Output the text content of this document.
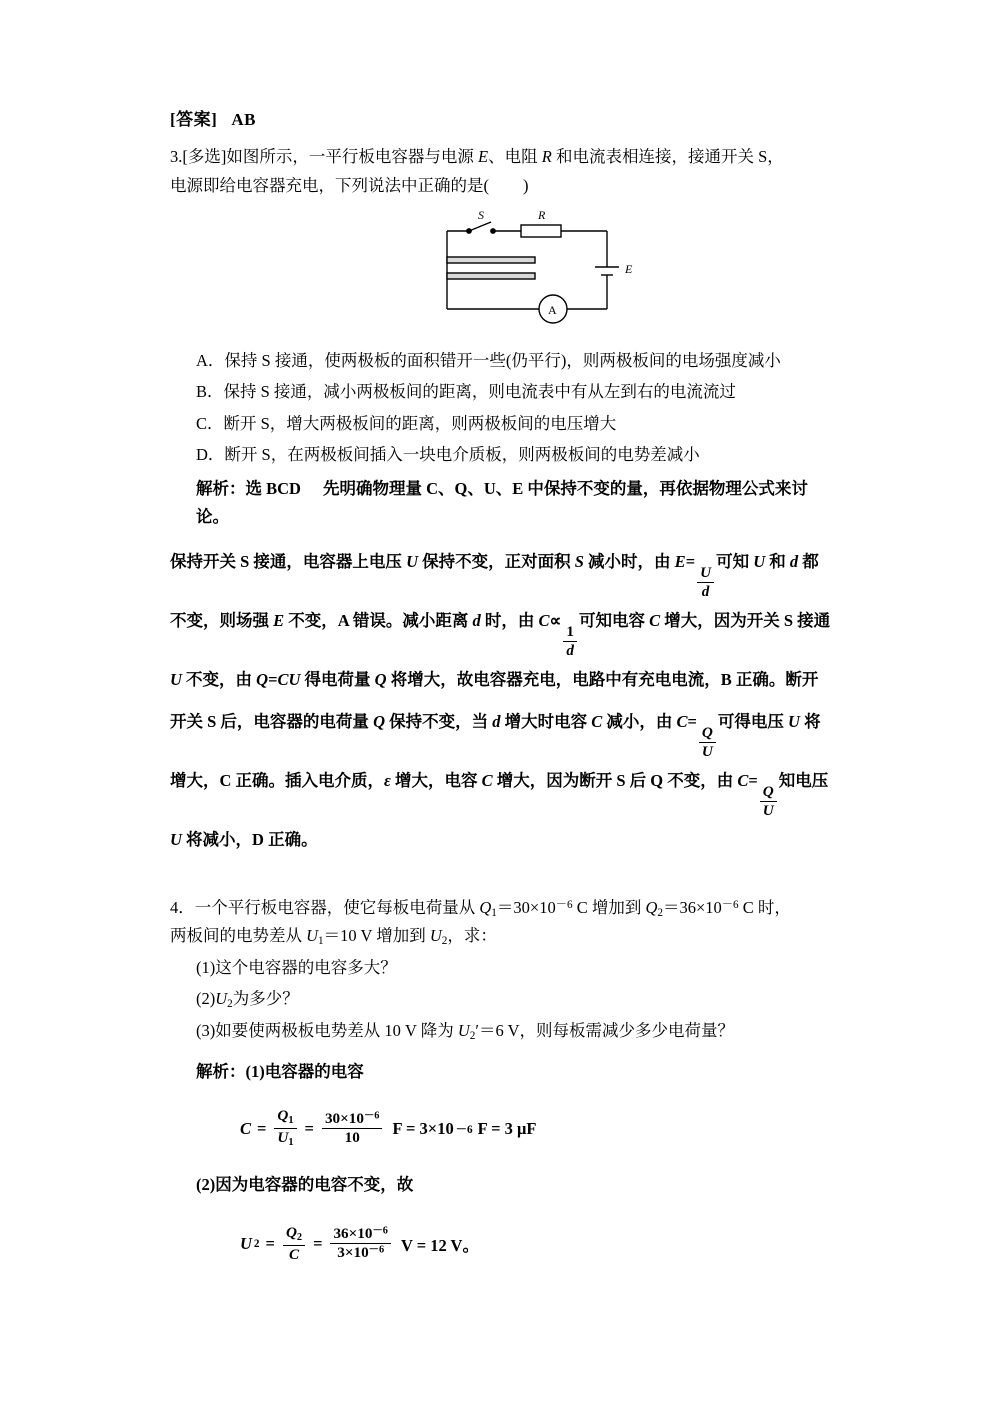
[答案] AB
3.[多选]如图所示，一平行板电容器与电源 E、电阻 R 和电流表相连接，接通开关 S，
电源即给电容器充电，下列说法中正确的是( )
S	R
E
A
A．保持 S 接通，使两极板的面积错开一些(仍平行)，则两极板间的电场强度减小
B．保持 S 接通，减小两极板间的距离，则电流表中有从左到右的电流流过
C．断开 S，增大两极板间的距离，则两极板间的电压增大
D．断开 S，在两极板间插入一块电介质板，则两极板间的电势差减小
解析：选 BCD 先明确物理量 C、Q、U、E 中保持不变的量，再依据物理公式来讨论。
保持开关 S 接通，电容器上电压 U 保持不变，正对面积 S 减小时，由 E=
$\frac{U}{d}$
可知 U 和 d 都
不变，则场强 E 不变，A 错误。减小距离 d 时，由 C∝
$\frac{1}{d}$
可知电容 C 增大，因为开关 S 接通
U 不变，由 Q=CU 得电荷量 Q 将增大，故电容器充电，电路中有充电电流，B 正确。断开
开关 S 后，电容器的电荷量 Q 保持不变，当 d 增大时电容 C 减小，由 C=
$\frac{Q}{U}$
可得电压 U 将
增大，C 正确。插入电介质，ε 增大，电容 C 增大，因为断开 S 后 Q 不变，由 C=
$\frac{Q}{U}$
知电压
U 将减小，D 正确。
4．一个平行板电容器，使它每板电荷量从 $Q_1=30\times 10^{-6}$ C 增加到 $Q_2=36\times 10^{-6}$ C 时，
两板间的电势差从 $U_1=10$ V 增加到 $U_2$，求：
(1)这个电容器的电容多大？
$(2)U_2$为多少？
(3)如要使两极板电势差从 10 V 降为 $U_2'=6$ V，则每板需减少多少电荷量？
解析：(1)电容器的电容
$C = \frac{Q_1}{U_1} = \frac{30\times 10^{-6}}{10}$ F = 3×10 －6 F = 3 μF
(2)因为电容器的电容不变，故
U $2 = \frac{Q_2}{C} = \frac{36\times 10^{-6}}{3\times 10^{-6}}$ V = 12 V。
